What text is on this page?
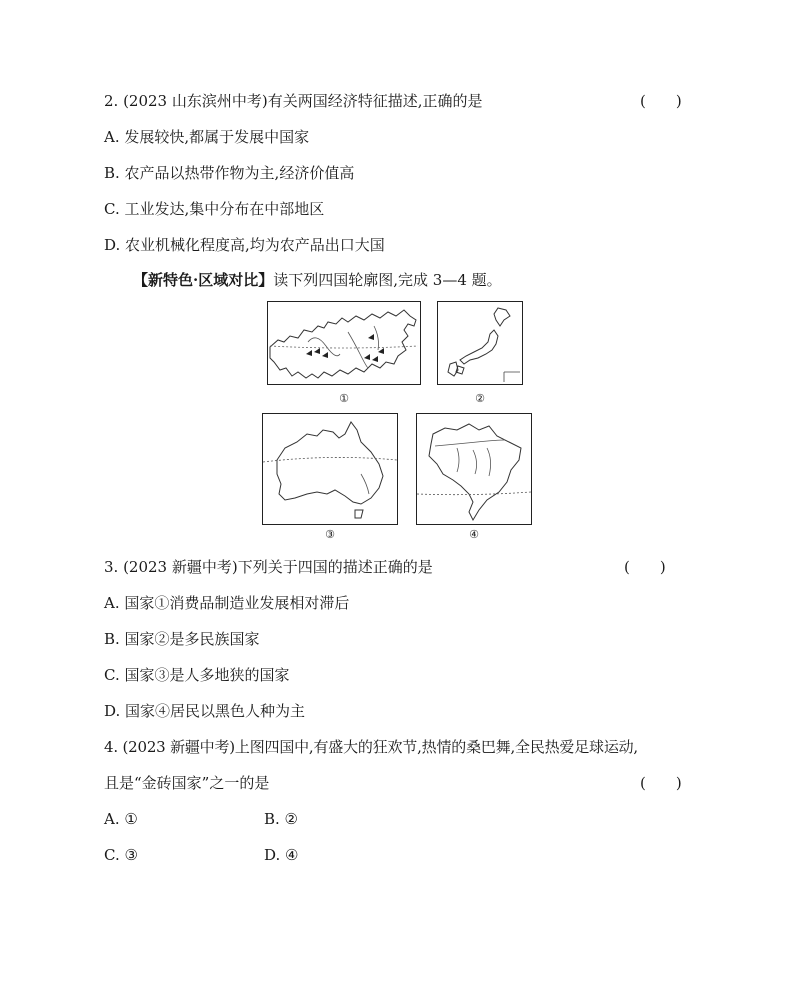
2. (2023 山东滨州中考)有关两国经济特征描述,正确的是	(　　)
A. 发展较快,都属于发展中国家
B. 农产品以热带作物为主,经济价值高
C. 工业发达,集中分布在中部地区
D. 农业机械化程度高,均为农产品出口大国
【新特色·区域对比】读下列四国轮廓图,完成 3—4 题。
①	②
③	④
3. (2023 新疆中考)下列关于四国的描述正确的是	(　　)
A. 国家①消费品制造业发展相对滞后
B. 国家②是多民族国家
C. 国家③是人多地狭的国家
D. 国家④居民以黑色人种为主
4. (2023 新疆中考)上图四国中,有盛大的狂欢节,热情的桑巴舞,全民热爱足球运动,
且是“金砖国家”之一的是	(　　)
A. ①	B. ②
C. ③	D. ④
